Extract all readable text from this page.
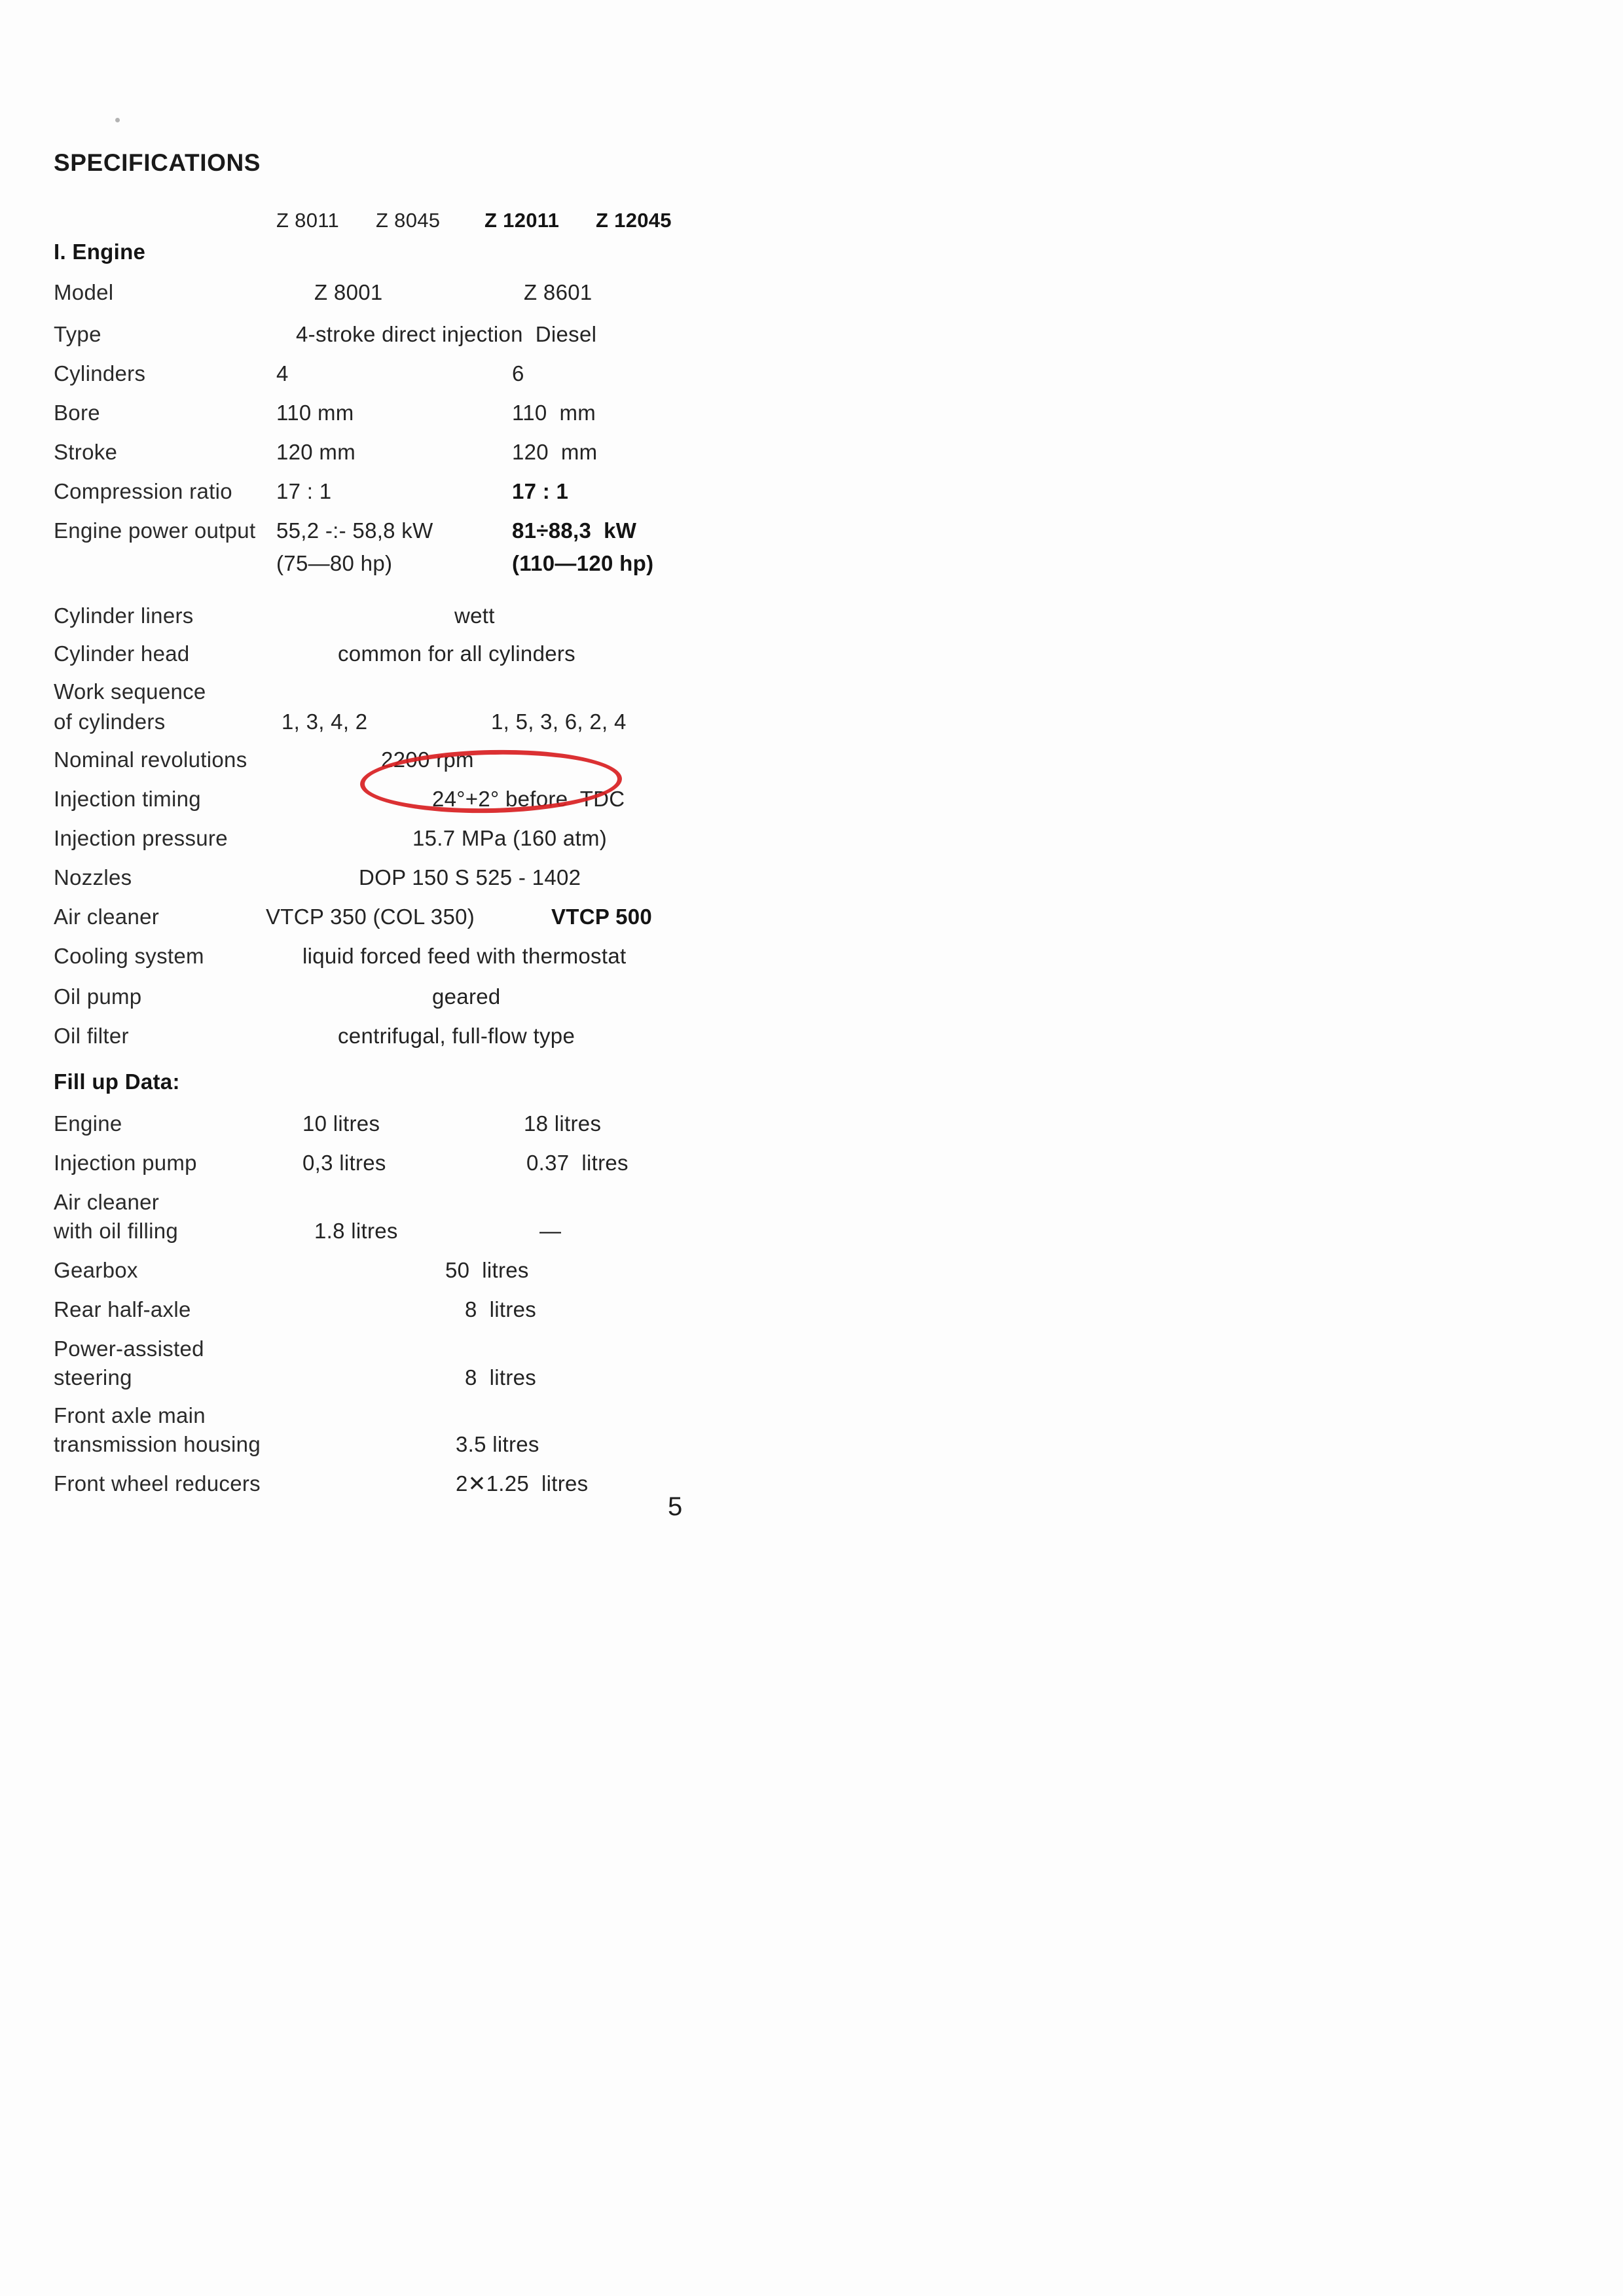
SPECIFICATIONS
Z 8011 Z 8045 Z 12011 Z 12045
I. Engine
Model	Z 8001	Z 8601
Type	4-stroke direct injection  Diesel
Cylinders	4	6
Bore	110 mm	110  mm
Stroke	120 mm	120  mm
Compression ratio 17 : 1	17 : 1
Engine power output 55,2 -:- 58,8 kW	81÷88,3  kW
(75—80 hp)	(110—120 hp)
Cylinder liners	wett
Cylinder head	common for all cylinders
Work sequence
of cylinders	1, 3, 4, 2	1, 5, 3, 6, 2, 4
Nominal revolutions	2200 rpm
Injection timing	24°+2° before  TDC
Injection pressure	15.7 MPa (160 atm)
Nozzles	DOP 150 S 525 - 1402
Air cleaner	VTCP 350 (COL 350)	VTCP 500
Cooling system	liquid forced feed with thermostat
Oil pump	geared
Oil filter	centrifugal, full-flow type
Fill up Data:
Engine	10 litres	18 litres
Injection pump	0,3 litres	0.37  litres
Air cleaner
with oil filling	1.8 litres	—
Gearbox	50  litres
Rear half-axle	8  litres
Power-assisted
steering	8  litres
Front axle main
transmission housing	3.5 litres
Front wheel reducers	2✕1.25  litres
5
